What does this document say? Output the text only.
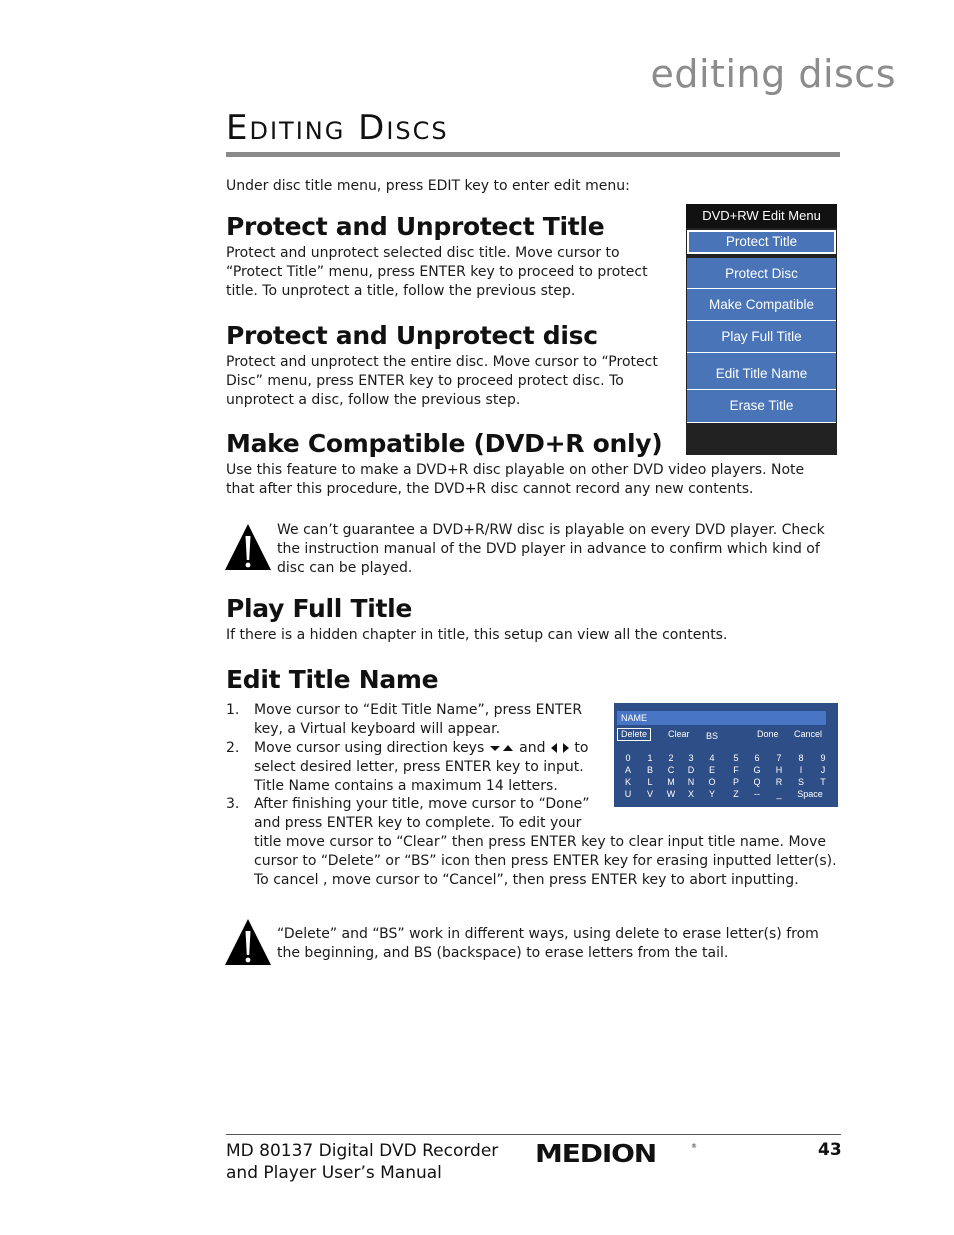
editing discs
Editing Discs
Under disc title menu, press EDIT key to enter edit menu:
Protect and Unprotect Title

Protect and unprotect selected disc title. Move cursor to “Protect Title” menu, press ENTER key to proceed to protect title. To unprotect a title, follow the previous step.

Protect and Unprotect disc

Protect and unprotect the entire disc. Move cursor to “Protect Disc” menu, press ENTER key to proceed protect disc. To unprotect a disc, follow the previous step.

DVD+RW Edit Menu
Protect Title
Protect Disc
Make Compatible
Play Full Title
Edit Title Name
Erase Title
Make Compatible (DVD+R only)

Use this feature to make a DVD+R disc playable on other DVD video players. Note that after this procedure, the DVD+R disc cannot record any new contents.

We can’t guarantee a DVD+R/RW disc is playable on every DVD player. Check the instruction manual of the DVD player in advance to confirm which kind of disc can be played.
Play Full Title

If there is a hidden chapter in title, this setup can view all the contents.

Edit Title Name
1. Move cursor to “Edit Title Name”, press ENTER key, a Virtual keyboard will appear.
2. Move cursor using direction keys and to select desired letter, press ENTER key to input. Title Name contains a maximum 14 letters.
3. After finishing your title, move cursor to “Done” and press ENTER key to complete. To edit your title move cursor to “Clear” then press ENTER key to clear input title name. Move cursor to “Delete” or “BS” icon then press ENTER key for erasing inputted letter(s). To cancel , move cursor to “Cancel”, then press ENTER key to abort inputting.
NAME
Delete	Clear BS	Done Cancel
0	1	2	3	4	5	6	7	8	9
A	B	C	D	E	F	G	H	I	J
K	L	M	N	O	P	Q	R	S	T
U	V	W	X	Y	Z	--	_	Space
“Delete” and “BS” work in different ways, using delete to erase letter(s) from the beginning, and BS (backspace) to erase letters from the tail.
MD 80137 Digital DVD Recorder
and Player User’s Manual
MEDION	®	43
